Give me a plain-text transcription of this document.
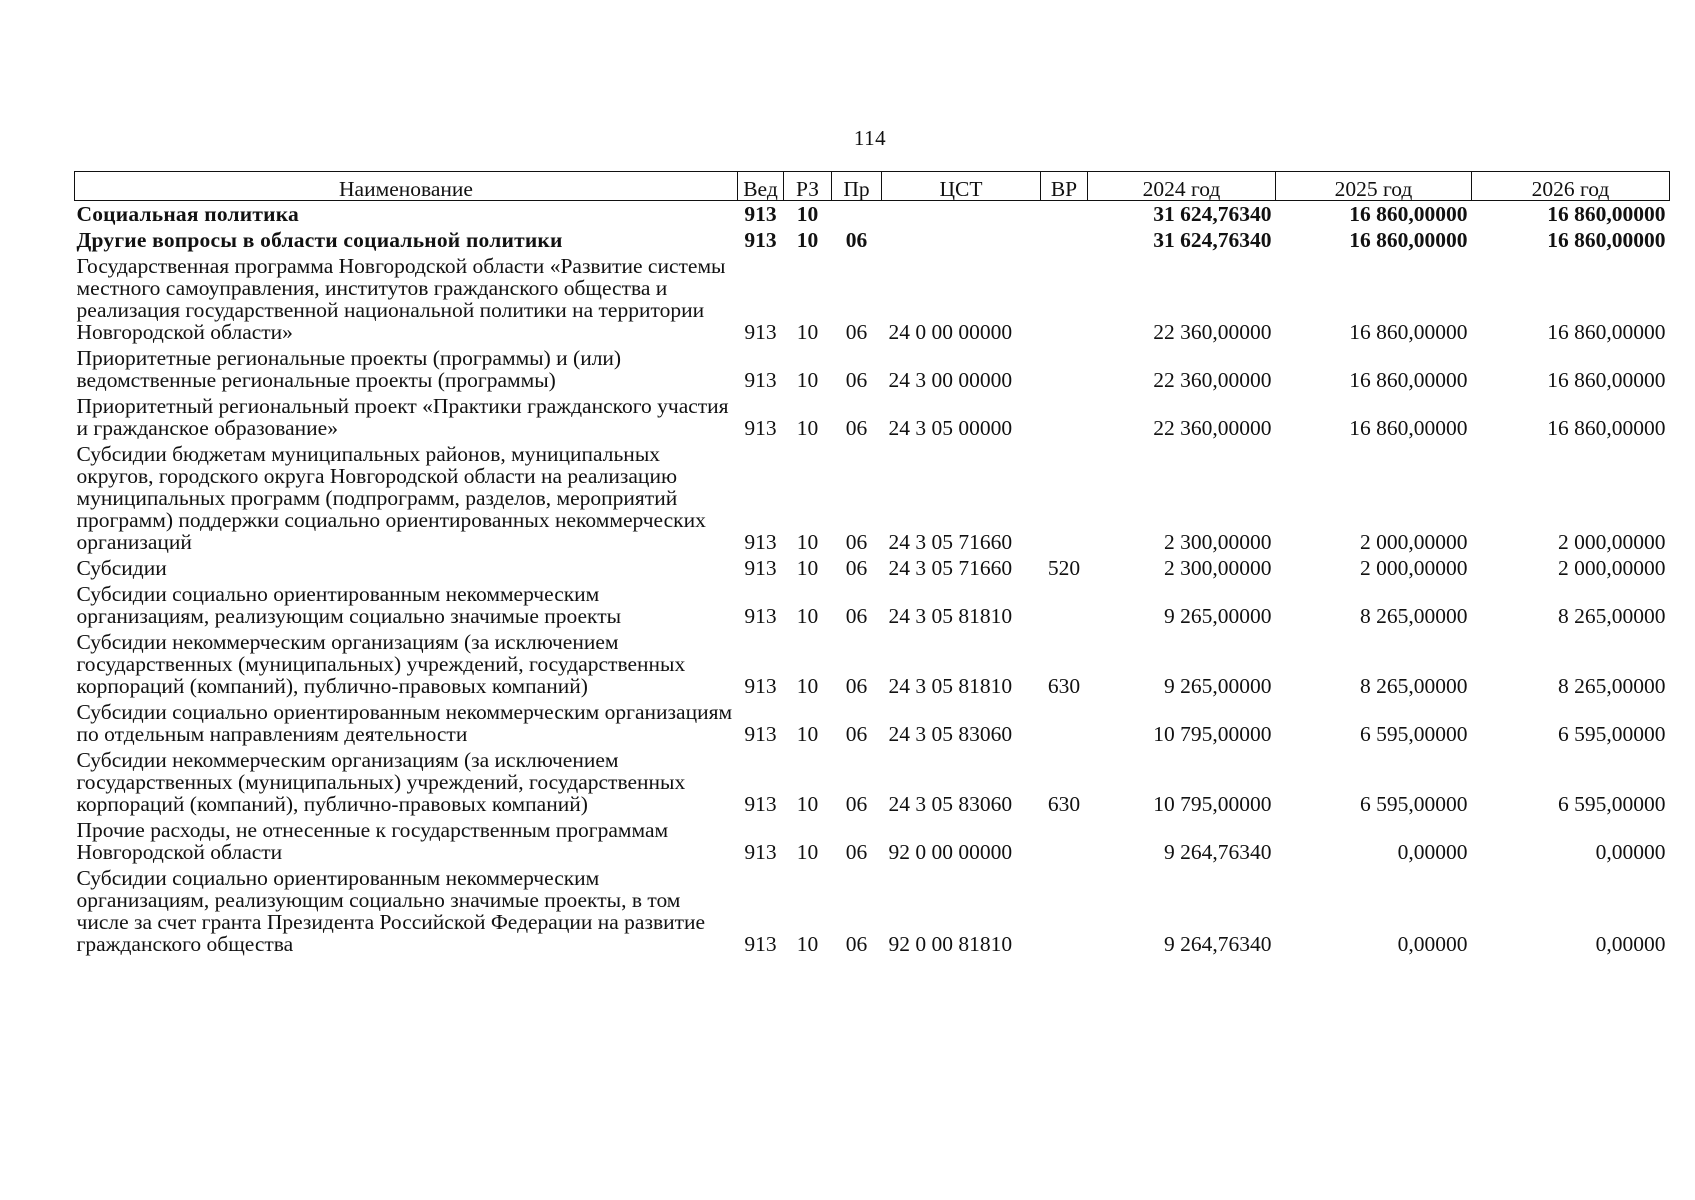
114
Наименование	Вед	РЗ	Пр	ЦСТ	ВР	2024 год	2025 год	2026 год
Социальная политика	913	10				31 624,76340	16 860,00000	16 860,00000
Другие вопросы в области социальной политики	913	10	06			31 624,76340	16 860,00000	16 860,00000
Государственная программа Новгородской области «Развитие системы местного самоуправления, институтов гражданского общества и реализация государственной национальной политики на территории Новгородской области»	913	10	06	24 0 00 00000		22 360,00000	16 860,00000	16 860,00000
Приоритетные региональные проекты (программы) и (или) ведомственные региональные проекты (программы)	913	10	06	24 3 00 00000		22 360,00000	16 860,00000	16 860,00000
Приоритетный региональный проект «Практики гражданского участия и гражданское образование»	913	10	06	24 3 05 00000		22 360,00000	16 860,00000	16 860,00000
Субсидии бюджетам муниципальных районов, муниципальных округов, городского округа Новгородской области на реализацию муниципальных программ (подпрограмм, разделов, мероприятий программ) поддержки социально ориентированных некоммерческих организаций	913	10	06	24 3 05 71660		2 300,00000	2 000,00000	2 000,00000
Субсидии	913	10	06	24 3 05 71660	520	2 300,00000	2 000,00000	2 000,00000
Субсидии социально ориентированным некоммерческим организациям, реализующим социально значимые проекты	913	10	06	24 3 05 81810		9 265,00000	8 265,00000	8 265,00000
Субсидии некоммерческим организациям (за исключением государственных (муниципальных) учреждений, государственных корпораций (компаний), публично-правовых компаний)	913	10	06	24 3 05 81810	630	9 265,00000	8 265,00000	8 265,00000
Субсидии социально ориентированным некоммерческим организациям по отдельным направлениям деятельности	913	10	06	24 3 05 83060		10 795,00000	6 595,00000	6 595,00000
Субсидии некоммерческим организациям (за исключением государственных (муниципальных) учреждений, государственных корпораций (компаний), публично-правовых компаний)	913	10	06	24 3 05 83060	630	10 795,00000	6 595,00000	6 595,00000
Прочие расходы, не отнесенные к государственным программам Новгородской области	913	10	06	92 0 00 00000		9 264,76340	0,00000	0,00000
Субсидии социально ориентированным некоммерческим организациям, реализующим социально значимые проекты, в том числе за счет гранта Президента Российской Федерации на развитие гражданского общества	913	10	06	92 0 00 81810		9 264,76340	0,00000	0,00000
